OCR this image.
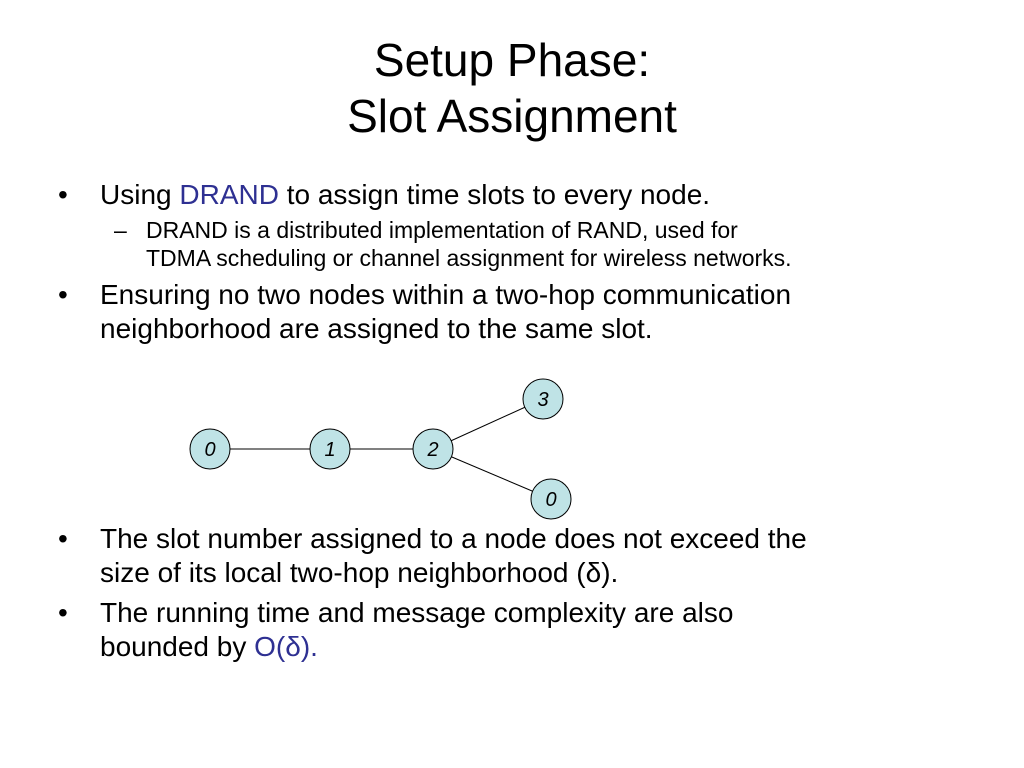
Setup Phase:
Slot Assignment
• Using DRAND to assign time slots to every node.
– DRAND is a distributed implementation of RAND, used for
TDMA scheduling or channel assignment for wireless networks.
• Ensuring no two nodes within a two-hop communication
neighborhood are assigned to the same slot.
0	1	2
3
0
• The slot number assigned to a node does not exceed the
size of its local two-hop neighborhood (δ).
• The running time and message complexity are also
bounded by O(δ).
